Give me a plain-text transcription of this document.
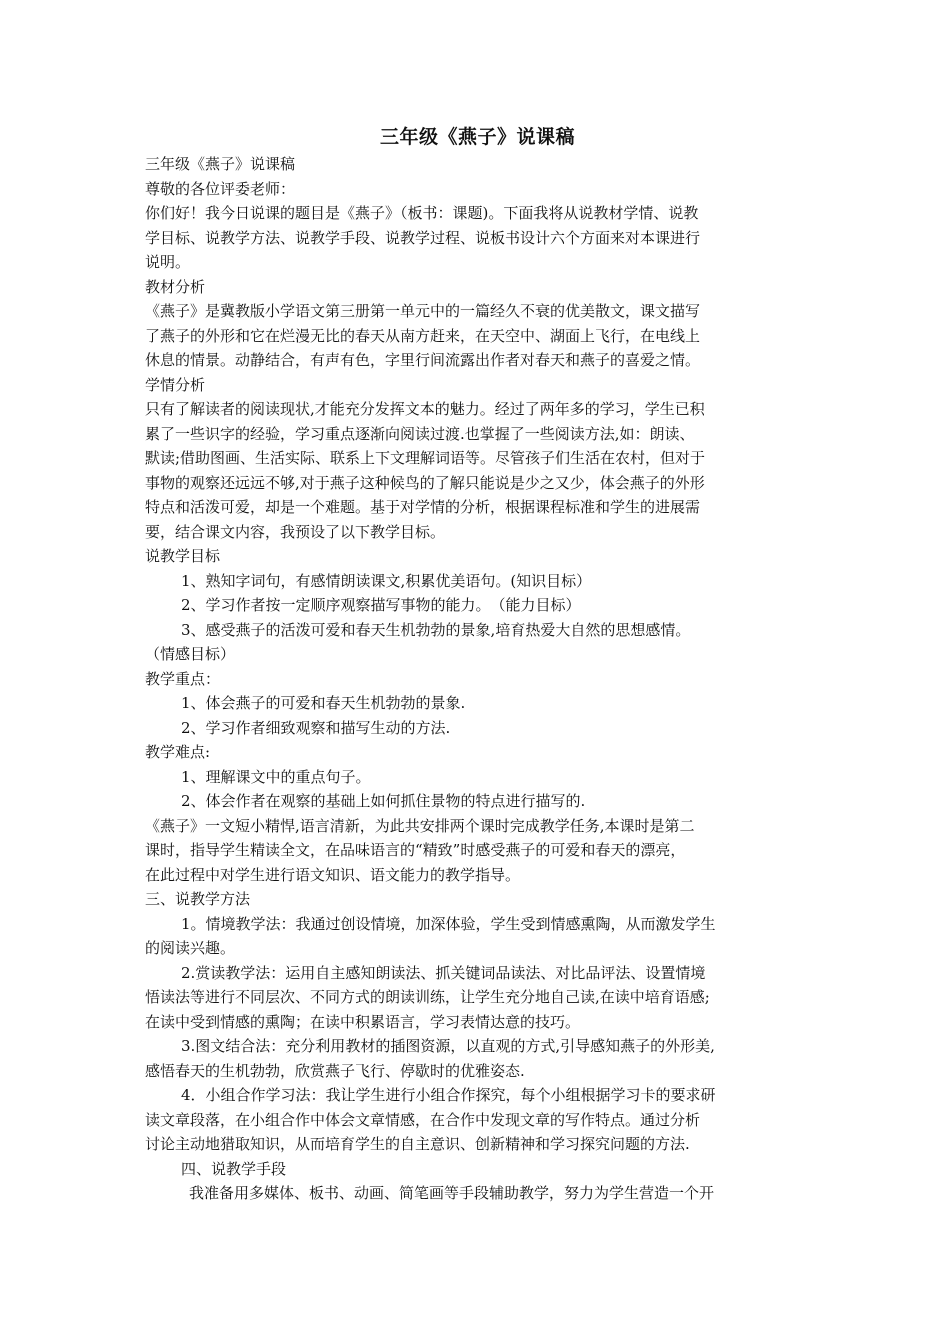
三年级《燕子》说课稿
三年级《燕子》说课稿
尊敬的各位评委老师：
你们好！我今日说课的题目是《燕子》（板书：课题)。下面我将从说教材学情、说教
学目标、说教学方法、说教学手段、说教学过程、说板书设计六个方面来对本课进行
说明。
教材分析
《燕子》是冀教版小学语文第三册第一单元中的一篇经久不衰的优美散文，课文描写
了燕子的外形和它在烂漫无比的春天从南方赶来，在天空中、湖面上飞行，在电线上
休息的情景。动静结合，有声有色，字里行间流露出作者对春天和燕子的喜爱之情。
学情分析
只有了解读者的阅读现状,才能充分发挥文本的魅力。经过了两年多的学习，学生已积
累了一些识字的经验，学习重点逐渐向阅读过渡.也掌握了一些阅读方法,如：朗读、
默读;借助图画、生活实际、联系上下文理解词语等。尽管孩子们生活在农村，但对于
事物的观察还远远不够,对于燕子这种候鸟的了解只能说是少之又少，体会燕子的外形
特点和活泼可爱，却是一个难题。基于对学情的分析，根据课程标准和学生的进展需
要，结合课文内容，我预设了以下教学目标。
说教学目标
1、熟知字词句，有感情朗读课文,积累优美语句。(知识目标）
2、学习作者按一定顺序观察描写事物的能力。　（能力目标）
3、感受燕子的活泼可爱和春天生机勃勃的景象,培育热爱大自然的思想感情。
（情感目标）
教学重点：
1、体会燕子的可爱和春天生机勃勃的景象.
2、学习作者细致观察和描写生动的方法.
教学难点:
1、理解课文中的重点句子。
2、体会作者在观察的基础上如何抓住景物的特点进行描写的.
《燕子》一文短小精悍,语言清新，为此共安排两个课时完成教学任务,本课时是第二
课时，指导学生精读全文，在品味语言的“精致”时感受燕子的可爱和春天的漂亮，
在此过程中对学生进行语文知识、语文能力的教学指导。
三、说教学方法
1。情境教学法：我通过创设情境，加深体验，学生受到情感熏陶，从而激发学生
的阅读兴趣。
2.赏读教学法：运用自主感知朗读法、抓关键词品读法、对比品评法、设置情境
悟读法等进行不同层次、不同方式的朗读训练，让学生充分地自己读,在读中培育语感;
在读中受到情感的熏陶；在读中积累语言，学习表情达意的技巧。
3.图文结合法：充分利用教材的插图资源，以直观的方式,引导感知燕子的外形美,
感悟春天的生机勃勃，欣赏燕子飞行、停歇时的优雅姿态.
4．小组合作学习法：我让学生进行小组合作探究，每个小组根据学习卡的要求研
读文章段落，在小组合作中体会文章情感，在合作中发现文章的写作特点。通过分析
讨论主动地猎取知识，从而培育学生的自主意识、创新精神和学习探究问题的方法.
四、说教学手段
我准备用多媒体、板书、动画、简笔画等手段辅助教学，努力为学生营造一个开
